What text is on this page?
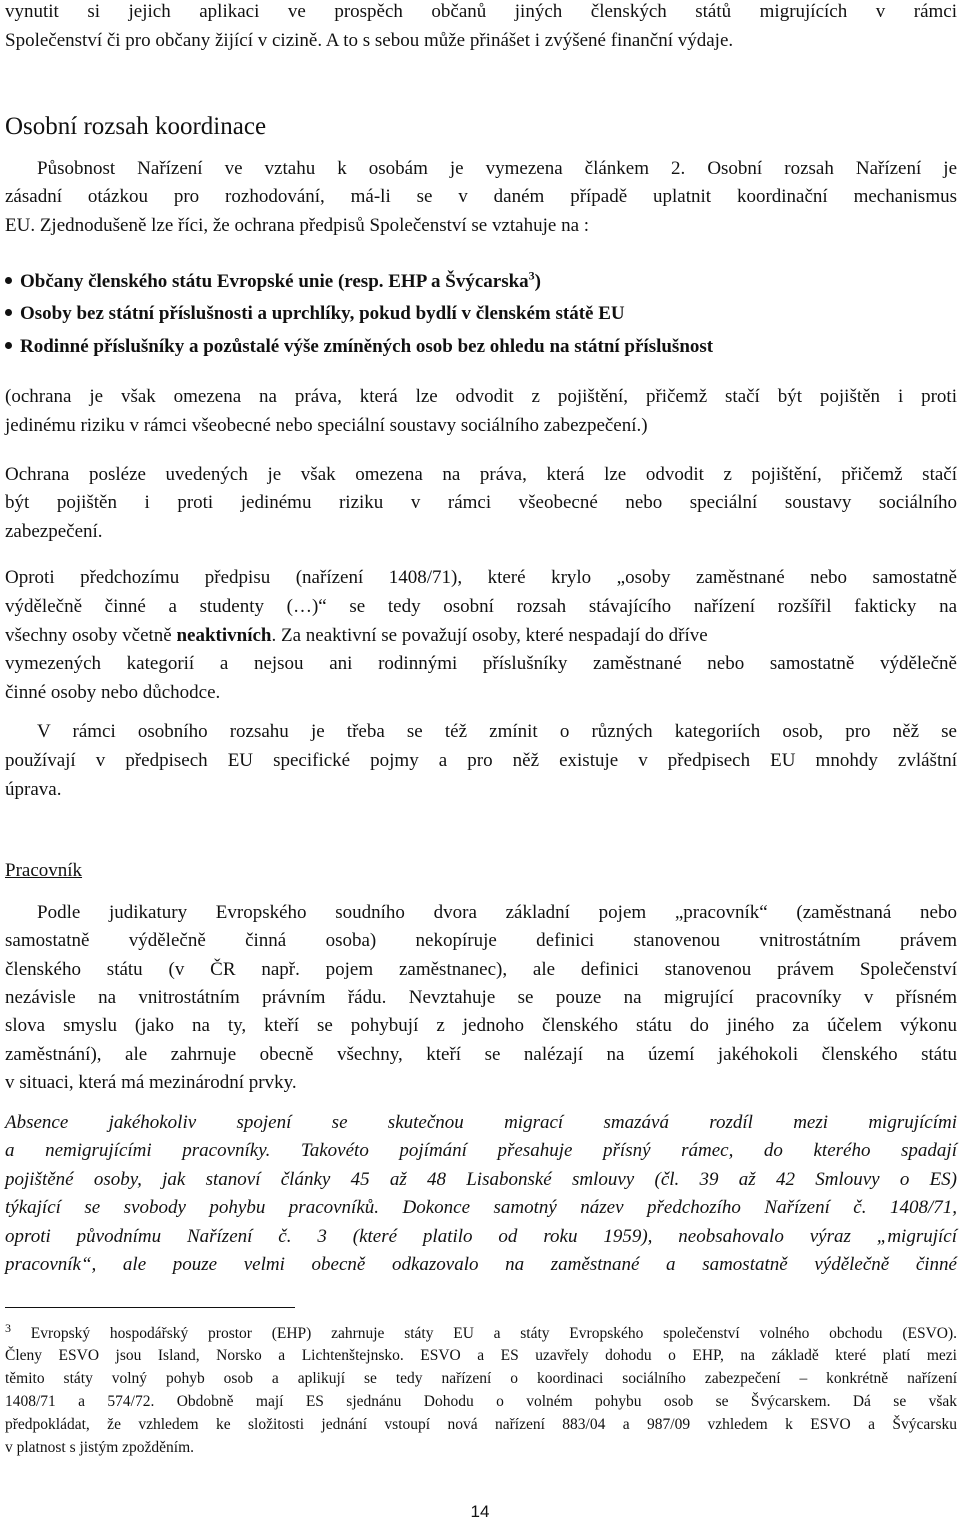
vynutit si jejich aplikaci ve prospěch občanů jiných členských států migrujících v rámci
Společenství či pro občany žijící v cizině. A to s sebou může přinášet i zvýšené finanční výdaje.
Osobní rozsah koordinace
Působnost Nařízení ve vztahu k osobám je vymezena článkem 2. Osobní rozsah Nařízení je
zásadní otázkou pro rozhodování, má-li se v daném případě uplatnit koordinační mechanismus
EU. Zjednodušeně lze říci, že ochrana předpisů Společenství se vztahuje na :
Občany členského státu Evropské unie (resp. EHP a Švýcarska$^3$)
Osoby bez státní příslušnosti a uprchlíky, pokud bydlí v členském státě EU
Rodinné příslušníky a pozůstalé výše zmíněných osob bez ohledu na státní příslušnost
(ochrana je však omezena na práva, která lze odvodit z pojištění, přičemž stačí být pojištěn i proti
jedinému riziku v rámci všeobecné nebo speciální soustavy sociálního zabezpečení.)
Ochrana posléze uvedených je však omezena na práva, která lze odvodit z pojištění, přičemž stačí
být pojištěn i proti jedinému riziku v rámci všeobecné nebo speciální soustavy sociálního
zabezpečení.
Oproti předchozímu předpisu (nařízení 1408/71), které krylo „osoby zaměstnané nebo samostatně
výdělečně činné a studenty (…)“ se tedy osobní rozsah stávajícího nařízení rozšířil fakticky na
všechny osoby včetně neaktivních. Za neaktivní se považují osoby, které nespadají do dříve
vymezených kategorií a nejsou ani rodinnými příslušníky zaměstnané nebo samostatně výdělečně
činné osoby nebo důchodce.
V rámci osobního rozsahu je třeba se též zmínit o různých kategoriích osob, pro něž se
používají v předpisech EU specifické pojmy a pro něž existuje v předpisech EU mnohdy zvláštní
úprava.
Pracovník
Podle judikatury Evropského soudního dvora základní pojem „pracovník“ (zaměstnaná nebo
samostatně výdělečně činná osoba) nekopíruje definici stanovenou vnitrostátním právem
členského státu (v ČR např. pojem zaměstnanec), ale definici stanovenou právem Společenství
nezávisle na vnitrostátním právním řádu. Nevztahuje se pouze na migrující pracovníky v přísném
slova smyslu (jako na ty, kteří se pohybují z jednoho členského státu do jiného za účelem výkonu
zaměstnání), ale zahrnuje obecně všechny, kteří se nalézají na území jakéhokoli členského státu
v situaci, která má mezinárodní prvky.
Absence jakéhokoliv spojení se skutečnou migrací smazává rozdíl mezi migrujícími
a nemigrujícími pracovníky. Takovéto pojímání přesahuje přísný rámec, do kterého spadají
pojištěné osoby, jak stanoví články 45 až 48 Lisabonské smlouvy (čl. 39 až 42 Smlouvy o ES)
týkající se svobody pohybu pracovníků. Dokonce samotný název předchozího Nařízení č. 1408/71,
oproti původnímu Nařízení č. 3 (které platilo od roku 1959), neobsahovalo výraz „migrující
pracovník“, ale pouze velmi obecně odkazovalo na zaměstnané a samostatně výdělečně činné
$^3$ Evropský hospodářský prostor (EHP) zahrnuje státy EU a státy Evropského společenství volného obchodu (ESVO).
Členy ESVO jsou Island, Norsko a Lichtenštejnsko. ESVO a ES uzavřely dohodu o EHP, na základě které platí mezi
těmito státy volný pohyb osob a aplikují se tedy nařízení o koordinaci sociálního zabezpečení – konkrétně nařízení
1408/71 a 574/72. Obdobně mají ES sjednánu Dohodu o volném pohybu osob se Švýcarskem. Dá se však
předpokládat, že vzhledem ke složitosti jednání vstoupí nová nařízení 883/04 a 987/09 vzhledem k ESVO a Švýcarsku
v platnost s jistým zpožděním.
14
